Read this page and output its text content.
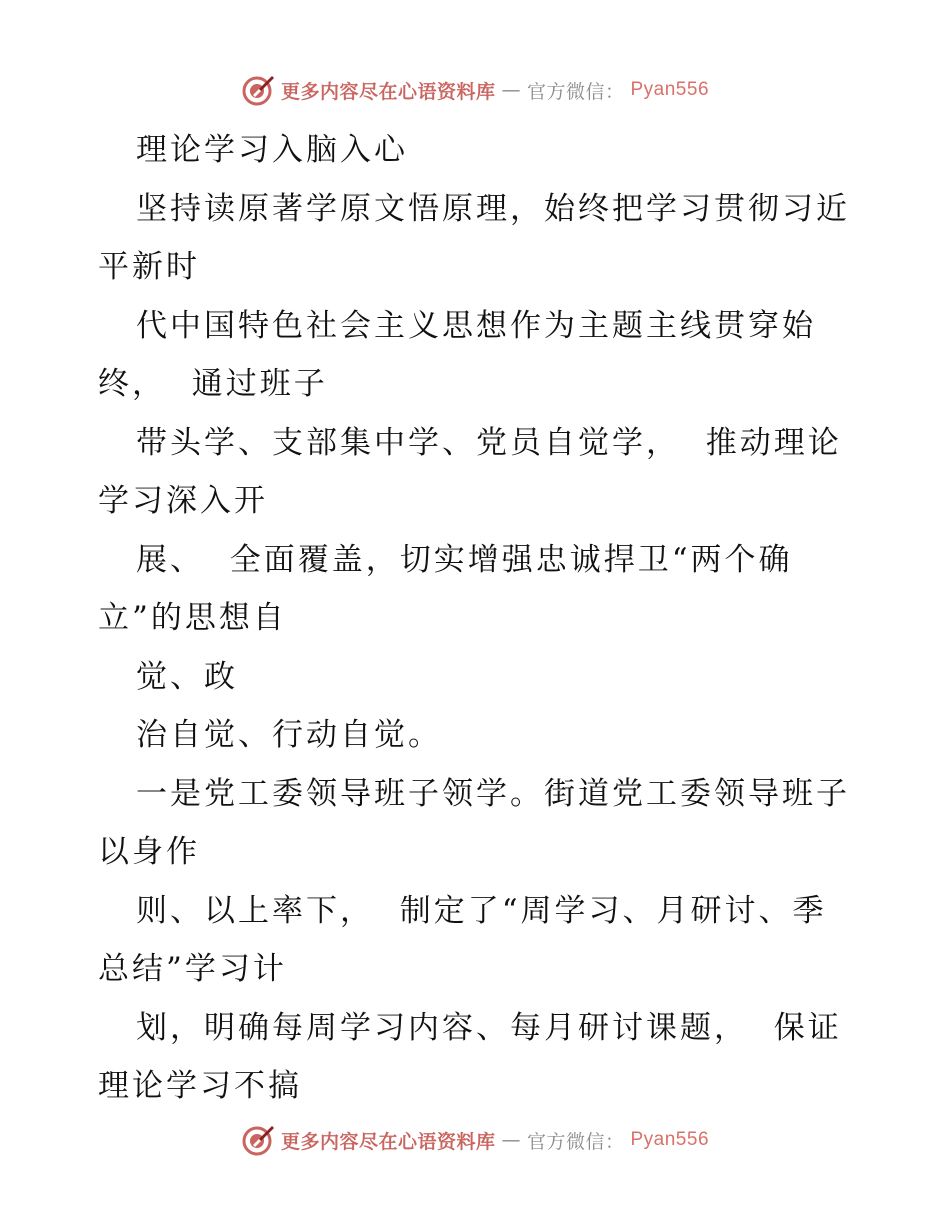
更多内容尽在心语资料库 — 官方微信： Pyan556
理论学习入脑入心
坚持读原著学原文悟原理，始终把学习贯彻习近
平新时
代中国特色社会主义思想作为主题主线贯穿始
终，  通过班子
带头学、支部集中学、党员自觉学，  推动理论
学习深入开
展、  全面覆盖，切实增强忠诚捍卫“两个确
立”的思想自
觉、政
治自觉、行动自觉。
一是党工委领导班子领学。街道党工委领导班子
以身作
则、以上率下，  制定了“周学习、月研讨、季
总结”学习计
划，明确每周学习内容、每月研讨课题，  保证
理论学习不搞
更多内容尽在心语资料库 — 官方微信： Pyan556
